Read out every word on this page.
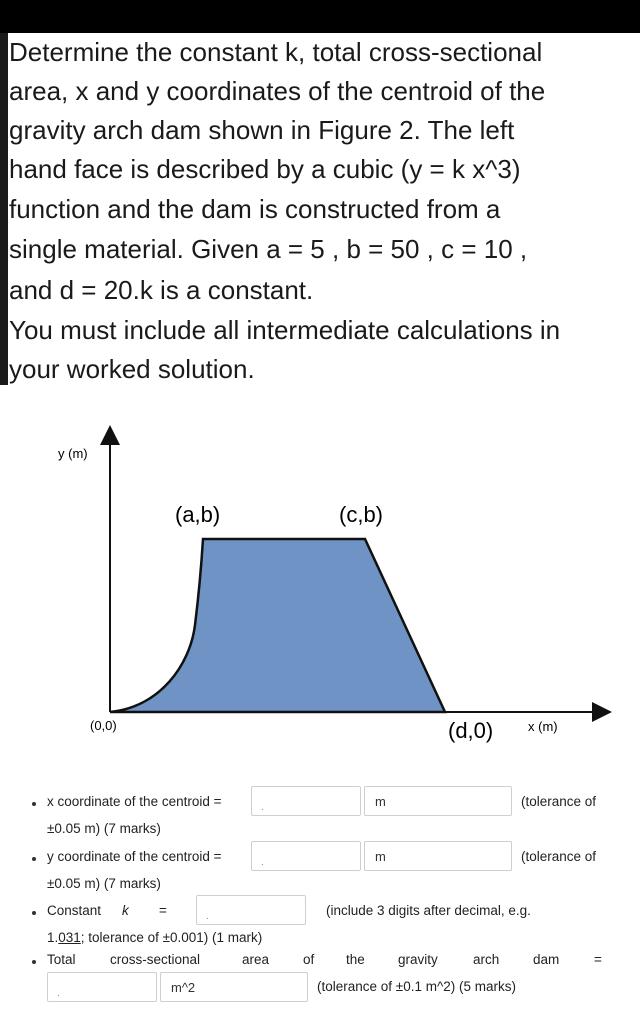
Determine the constant k, total cross-sectional
area, x and y coordinates of the centroid of the
gravity arch dam shown in Figure 2. The left
hand face is described by a cubic (y = k x^3)
function and the dam is constructed from a
single material. Given a = 5 , b = 50 , c = 10 ,
and d = 20.k is a constant.
You must include all intermediate calculations in
your worked solution.
y (m)
x (m)
(0,0)
(a,b)	(c,b)
(d,0)
x coordinate of the centroid =	.	m	(tolerance of
±0.05 m) (7 marks)
y coordinate of the centroid =	.	m	(tolerance of
±0.05 m) (7 marks)
Constant k =	.	(include 3 digits after decimal, e.g.
1.031; tolerance of ±0.001) (1 mark)
Total	cross-sectional	area	of the gravity	arch dam	=
.	m^2	(tolerance of ±0.1 m^2) (5 marks)
